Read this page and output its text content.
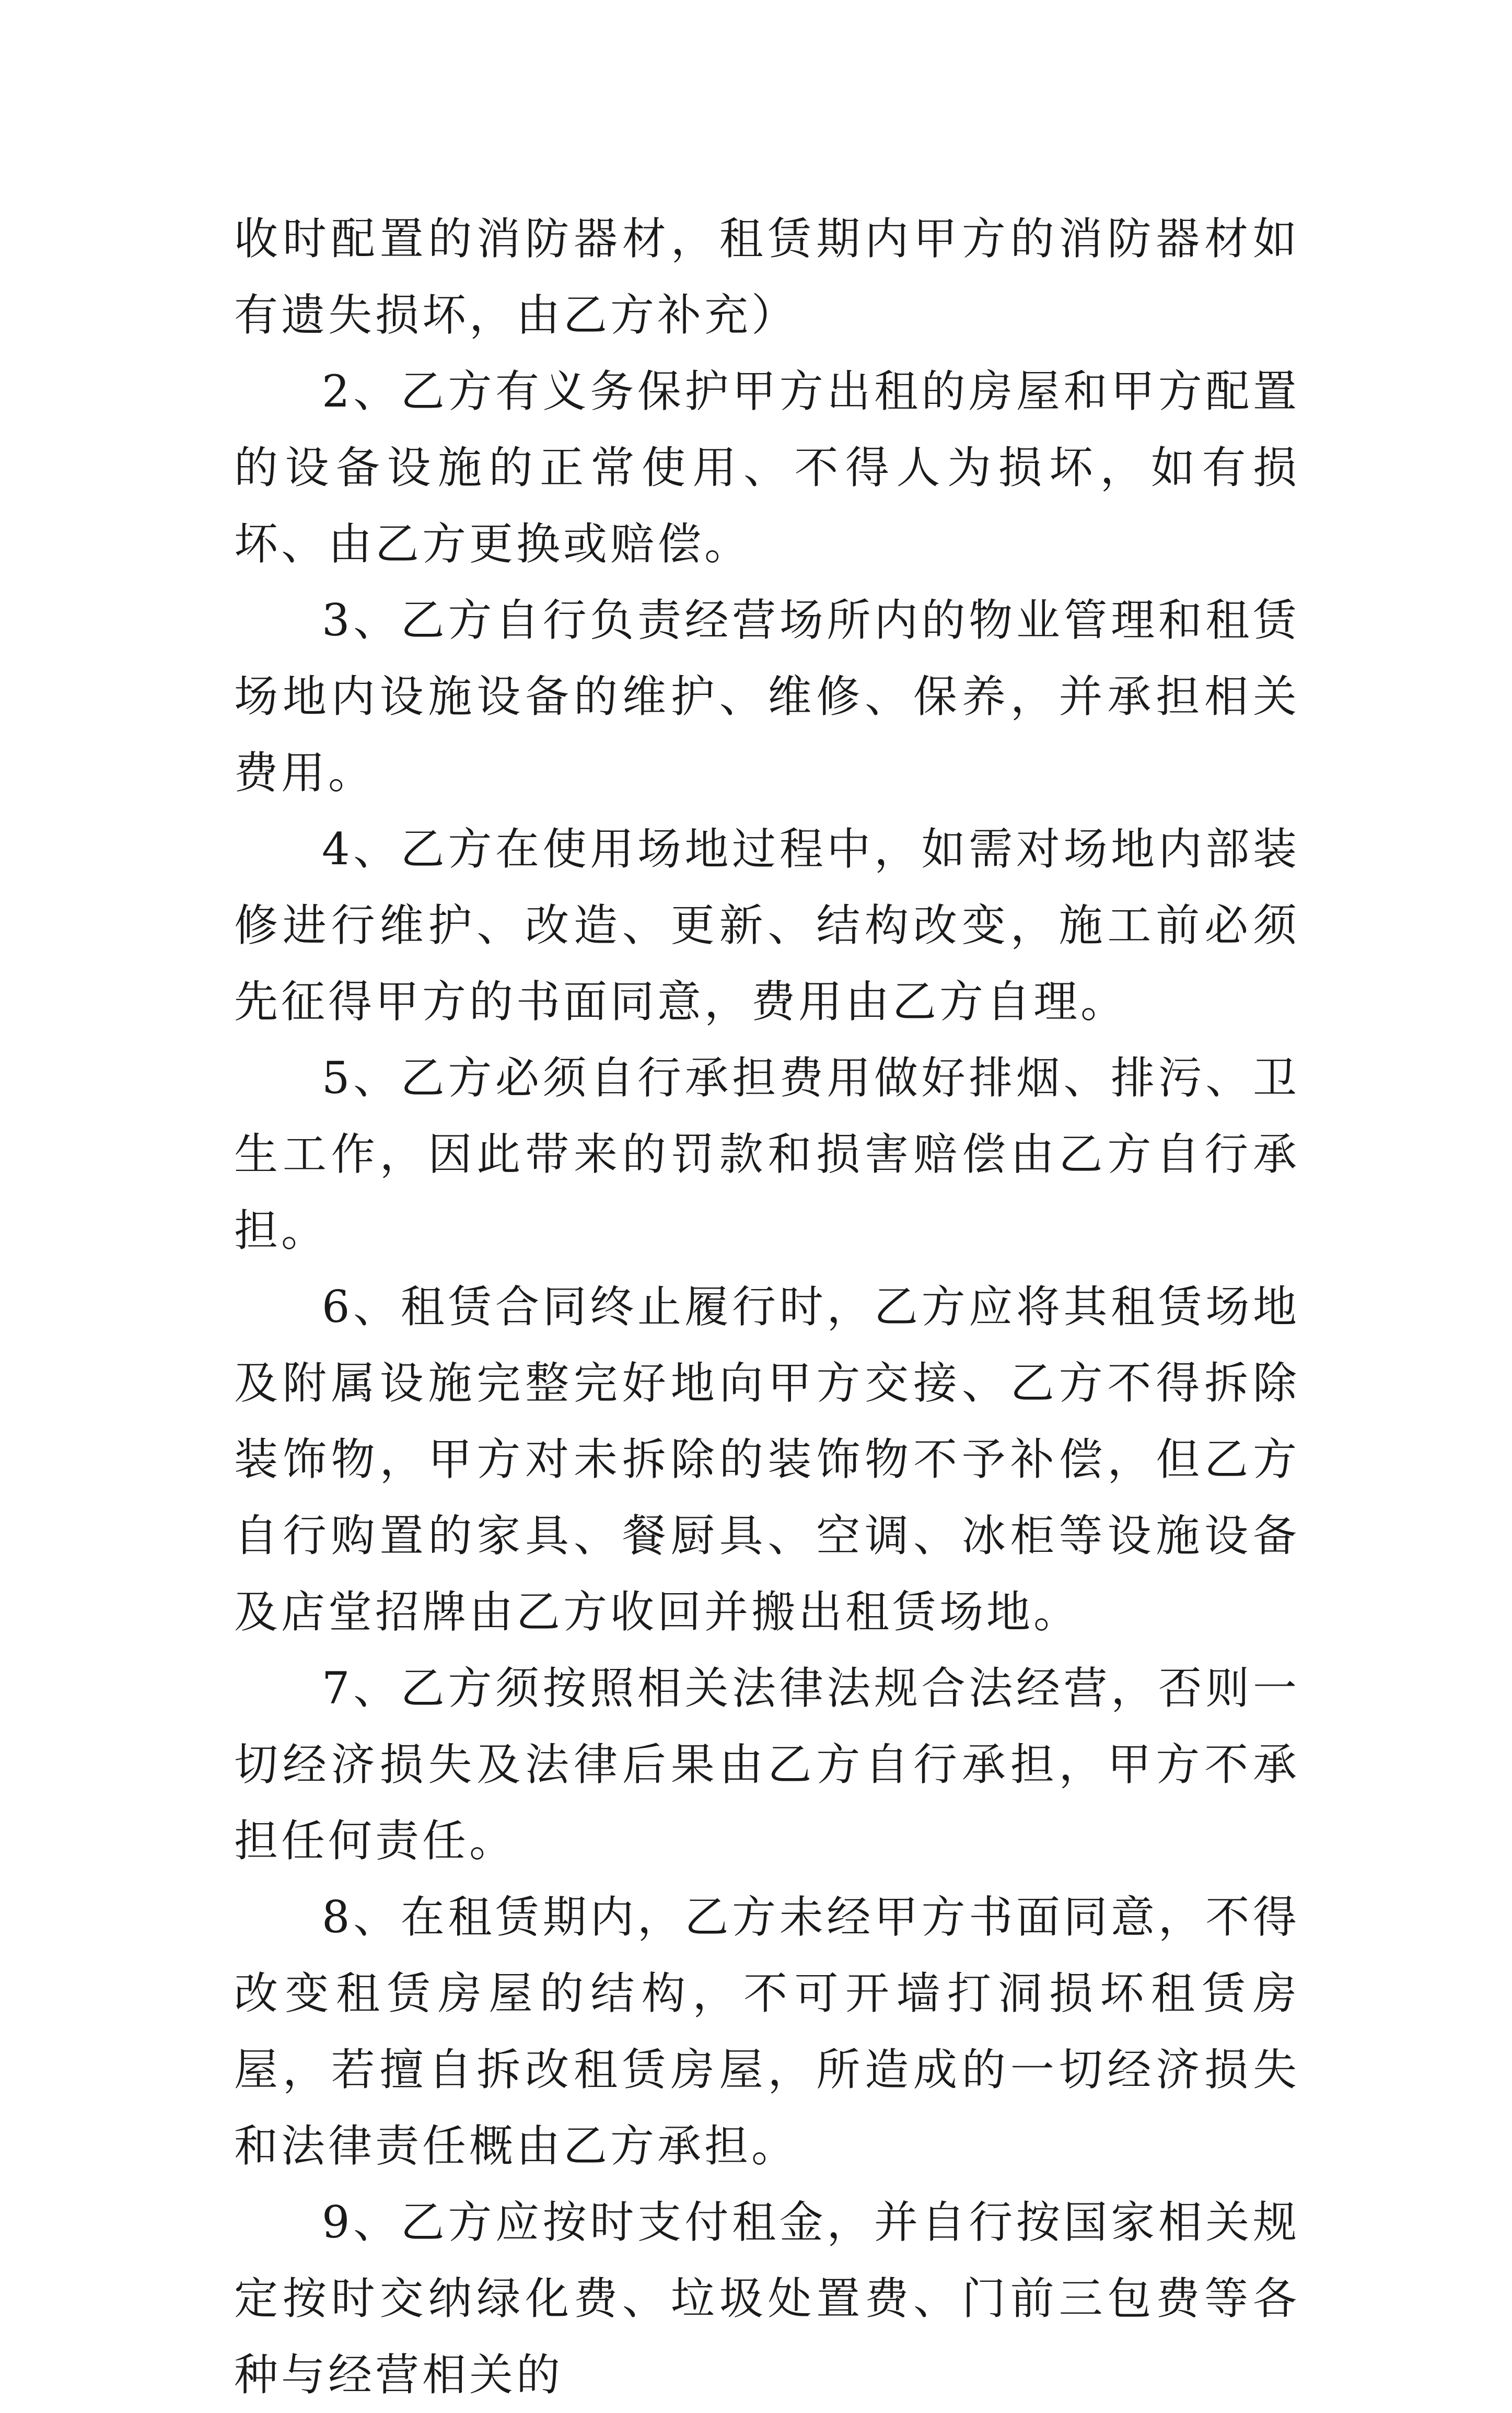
收时配置的消防器材，租赁期内甲方的消防器材如有遗失损坏，由乙方补充）

2、乙方有义务保护甲方出租的房屋和甲方配置的设备设施的正常使用、不得人为损坏，如有损坏、由乙方更换或赔偿。

3、乙方自行负责经营场所内的物业管理和租赁场地内设施设备的维护、维修、保养，并承担相关费用。

4、乙方在使用场地过程中，如需对场地内部装修进行维护、改造、更新、结构改变，施工前必须先征得甲方的书面同意，费用由乙方自理。

5、乙方必须自行承担费用做好排烟、排污、卫生工作，因此带来的罚款和损害赔偿由乙方自行承担。

6、租赁合同终止履行时，乙方应将其租赁场地及附属设施完整完好地向甲方交接、乙方不得拆除装饰物，甲方对未拆除的装饰物不予补偿，但乙方自行购置的家具、餐厨具、空调、冰柜等设施设备及店堂招牌由乙方收回并搬出租赁场地。

7、乙方须按照相关法律法规合法经营，否则一切经济损失及法律后果由乙方自行承担，甲方不承担任何责任。

8、在租赁期内，乙方未经甲方书面同意，不得改变租赁房屋的结构，不可开墙打洞损坏租赁房屋，若擅自拆改租赁房屋，所造成的一切经济损失和法律责任概由乙方承担。

9、乙方应按时支付租金，并自行按国家相关规定按时交纳绿化费、垃圾处置费、门前三包费等各种与经营相关的
